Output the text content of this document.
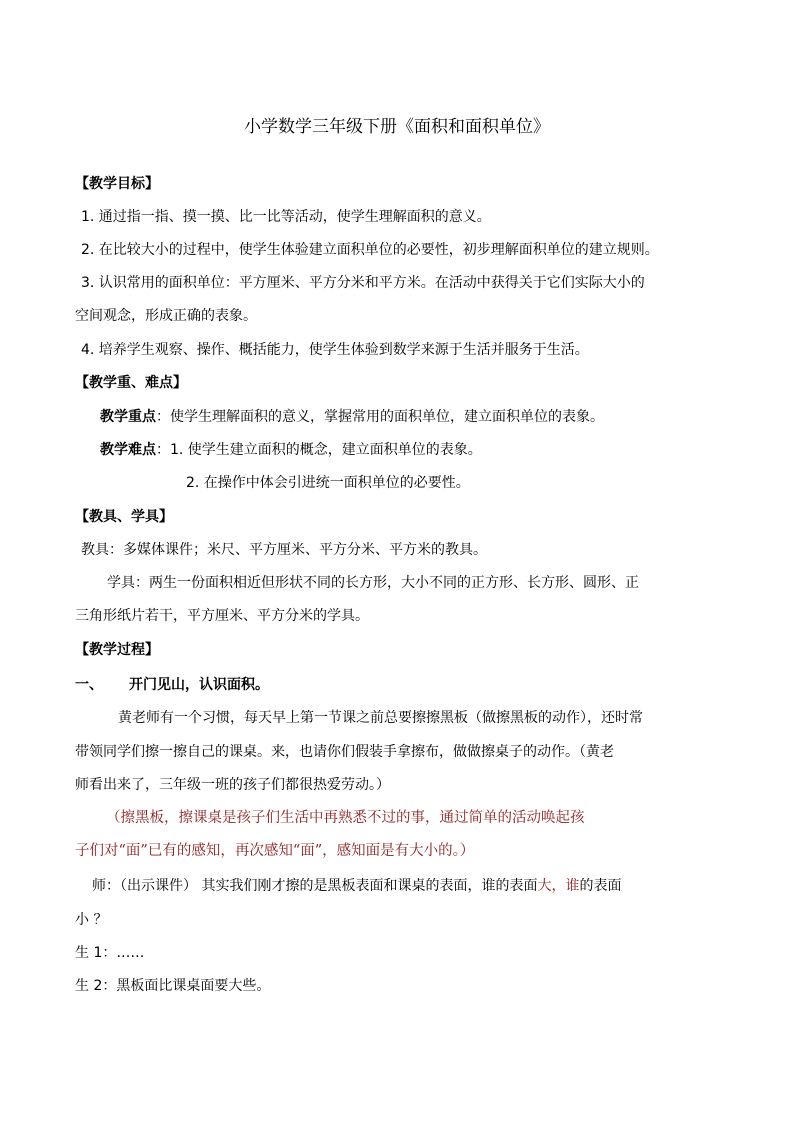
小学数学三年级下册《面积和面积单位》
【教学目标】
1. 通过指一指、摸一摸、比一比等活动，使学生理解面积的意义。
2. 在比较大小的过程中，使学生体验建立面积单位的必要性，初步理解面积单位的建立规则。
3. 认识常用的面积单位：平方厘米、平方分米和平方米。在活动中获得关于它们实际大小的
空间观念，形成正确的表象。
4. 培养学生观察、操作、概括能力，使学生体验到数学来源于生活并服务于生活。
【教学重、难点】
教学重点：使学生理解面积的意义，掌握常用的面积单位，建立面积单位的表象。
教学难点：1. 使学生建立面积的概念，建立面积单位的表象。
2. 在操作中体会引进统一面积单位的必要性。
【教具、学具】
教具：多媒体课件；米尺、平方厘米、平方分米、平方米的教具。
学具：两生一份面积相近但形状不同的长方形，大小不同的正方形、长方形、圆形、正
三角形纸片若干，平方厘米、平方分米的学具。
【教学过程】
一、 开门见山，认识面积。
黄老师有一个习惯，每天早上第一节课之前总要擦擦黑板（做擦黑板的动作），还时常
带领同学们擦一擦自己的课桌。来，也请你们假装手拿擦布，做做擦桌子的动作。（黄老
师看出来了，三年级一班的孩子们都很热爱劳动。）
（擦黑板，擦课桌是孩子们生活中再熟悉不过的事，通过简单的活动唤起孩
子们对“面”已有的感知，再次感知“面”，感知面是有大小的。）
师：（出示课件） 其实我们刚才擦的是黑板表面和课桌的表面，谁的表面大，谁的表面
小 ？
生 1：……
生 2：黑板面比课桌面要大些。
